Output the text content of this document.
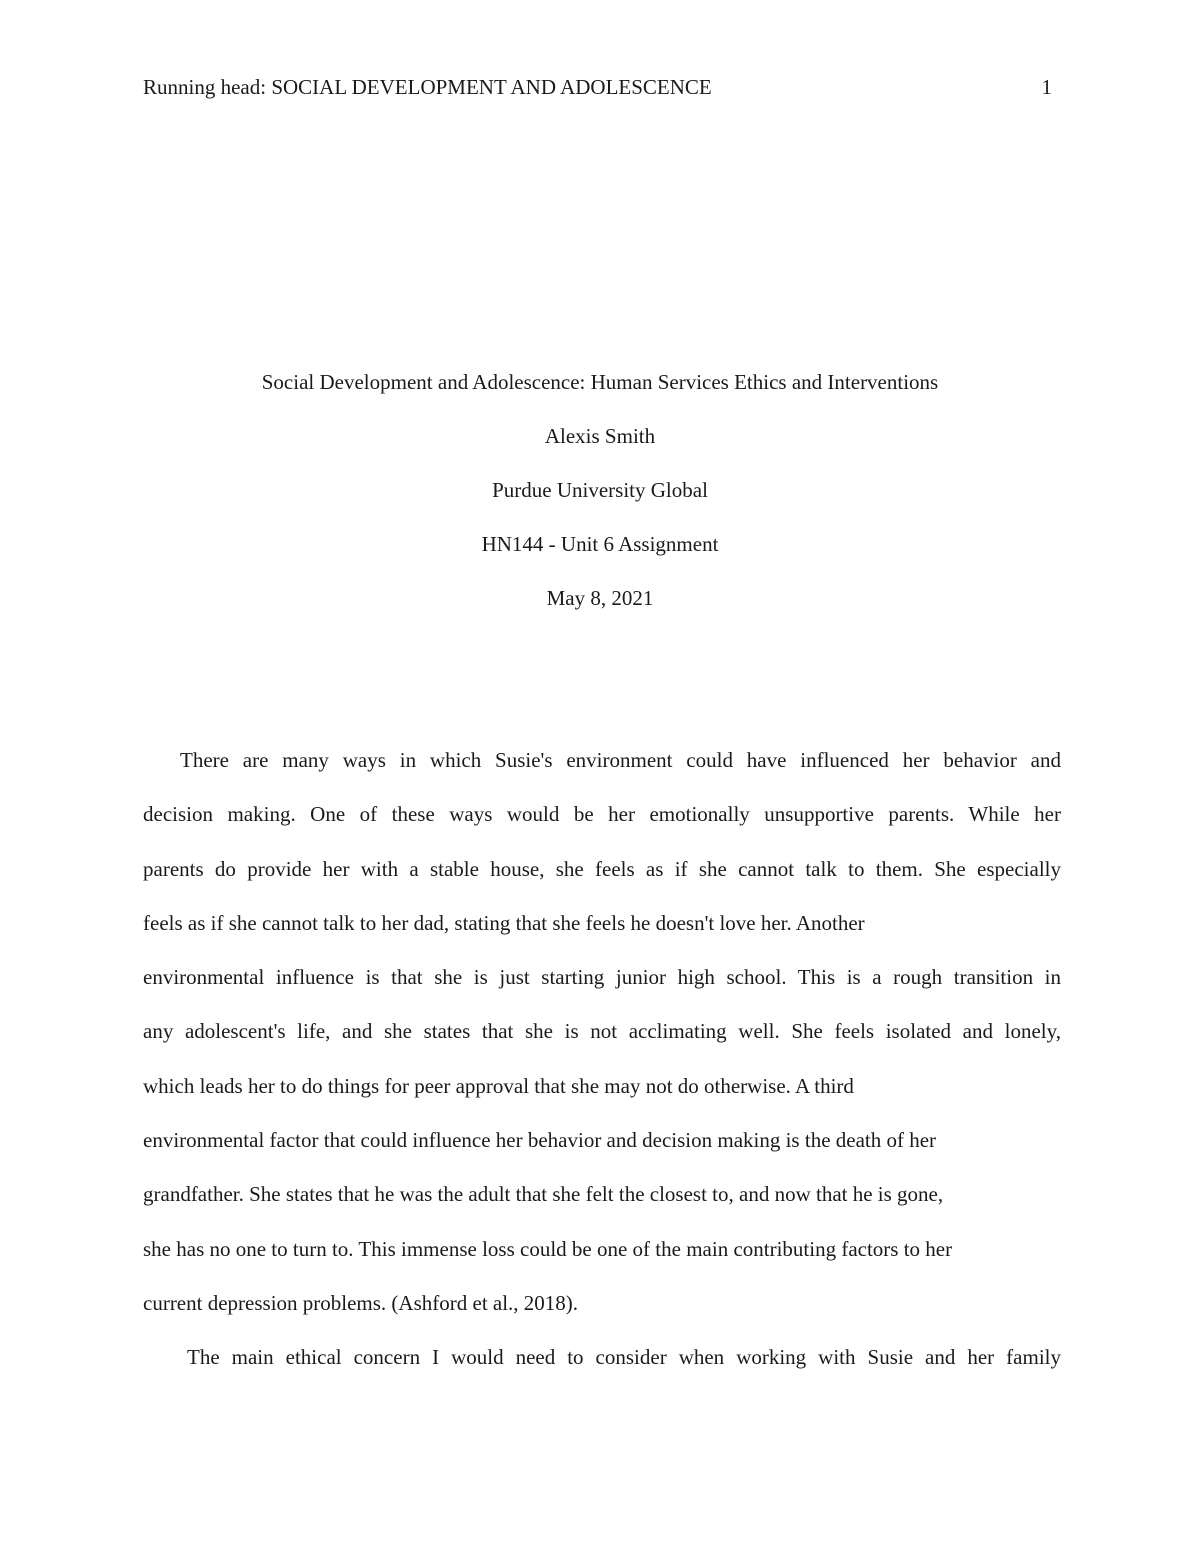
Running head: SOCIAL DEVELOPMENT AND ADOLESCENCE	1
Social Development and Adolescence: Human Services Ethics and Interventions
Alexis Smith
Purdue University Global
HN144 - Unit 6 Assignment
May 8, 2021
There are many ways in which Susie's environment could have influenced her behavior and
decision making. One of these ways would be her emotionally unsupportive parents. While her
parents do provide her with a stable house, she feels as if she cannot talk to them. She especially
feels as if she cannot talk to her dad, stating that she feels he doesn't love her. Another
environmental influence is that she is just starting junior high school. This is a rough transition in
any adolescent's life, and she states that she is not acclimating well. She feels isolated and lonely,
which leads her to do things for peer approval that she may not do otherwise. A third
environmental factor that could influence her behavior and decision making is the death of her
grandfather. She states that he was the adult that she felt the closest to, and now that he is gone,
she has no one to turn to. This immense loss could be one of the main contributing factors to her
current depression problems. (Ashford et al., 2018).
The main ethical concern I would need to consider when working with Susie and her family
